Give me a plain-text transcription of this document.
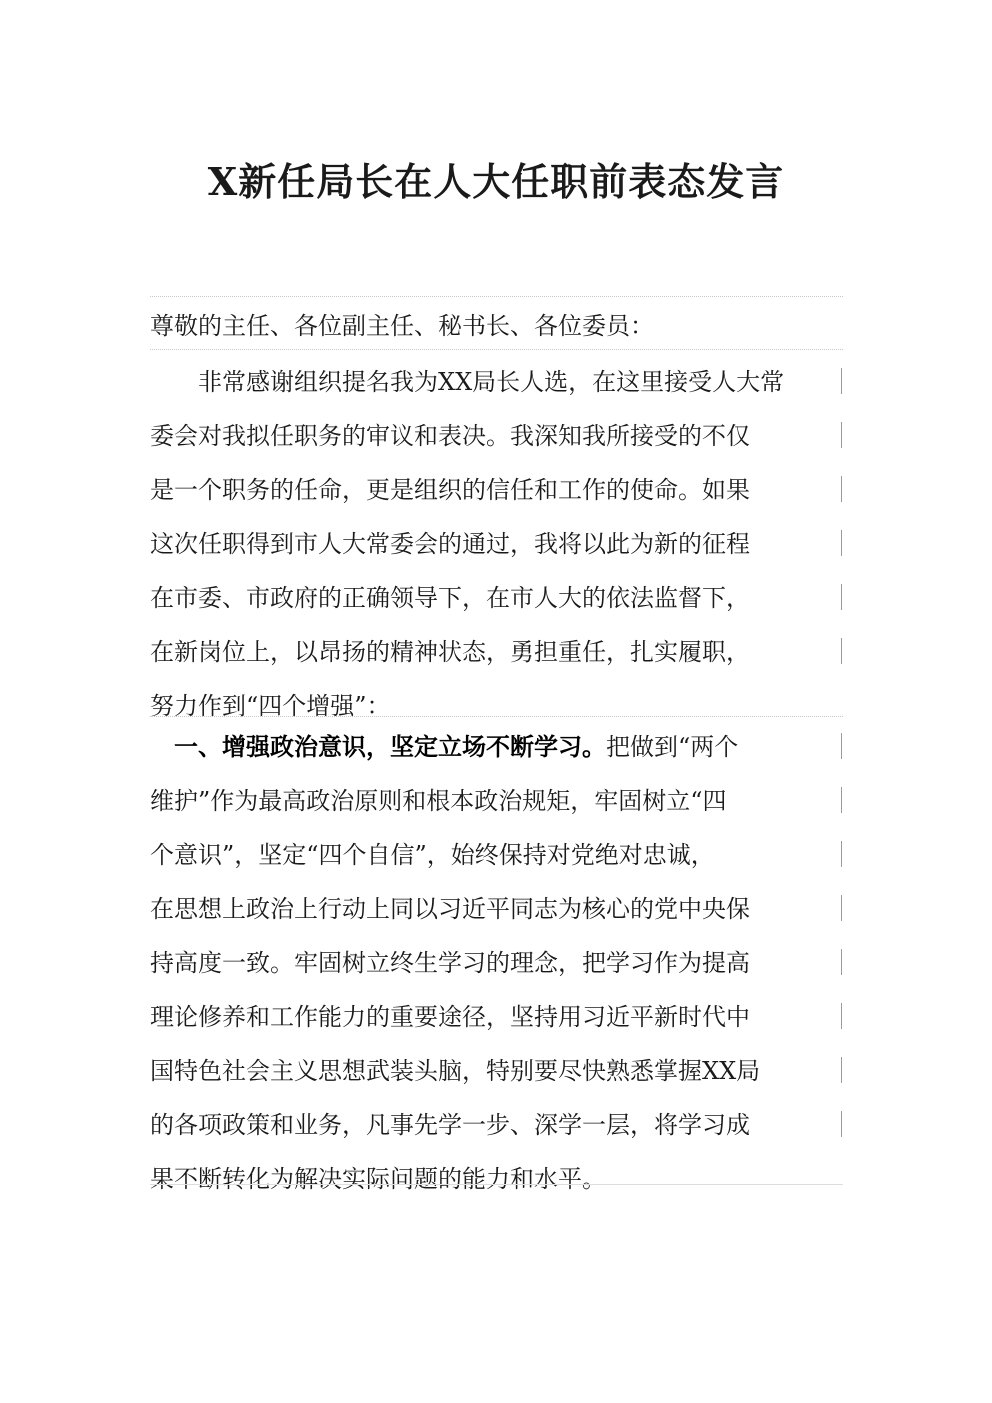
X新任局长在人大任职前表态发言

尊敬的主任、各位副主任、秘书长、各位委员：

　　非常感谢组织提名我为XX局长人选，在这里接受人大常
委会对我拟任职务的审议和表决。我深知我所接受的不仅
是一个职务的任命，更是组织的信任和工作的使命。如果
这次任职得到市人大常委会的通过，我将以此为新的征程
在市委、市政府的正确领导下，在市人大的依法监督下，
在新岗位上，以昂扬的精神状态，勇担重任，扎实履职，
努力作到“四个增强”：
　一、增强政治意识，坚定立场不断学习。把做到“两个
维护”作为最高政治原则和根本政治规矩，牢固树立“四
个意识”，坚定“四个自信”，始终保持对党绝对忠诚，
在思想上政治上行动上同以习近平同志为核心的党中央保
持高度一致。牢固树立终生学习的理念，把学习作为提高
理论修养和工作能力的重要途径，坚持用习近平新时代中
国特色社会主义思想武装头脑，特别要尽快熟悉掌握XX局
的各项政策和业务，凡事先学一步、深学一层，将学习成
果不断转化为解决实际问题的能力和水平。
